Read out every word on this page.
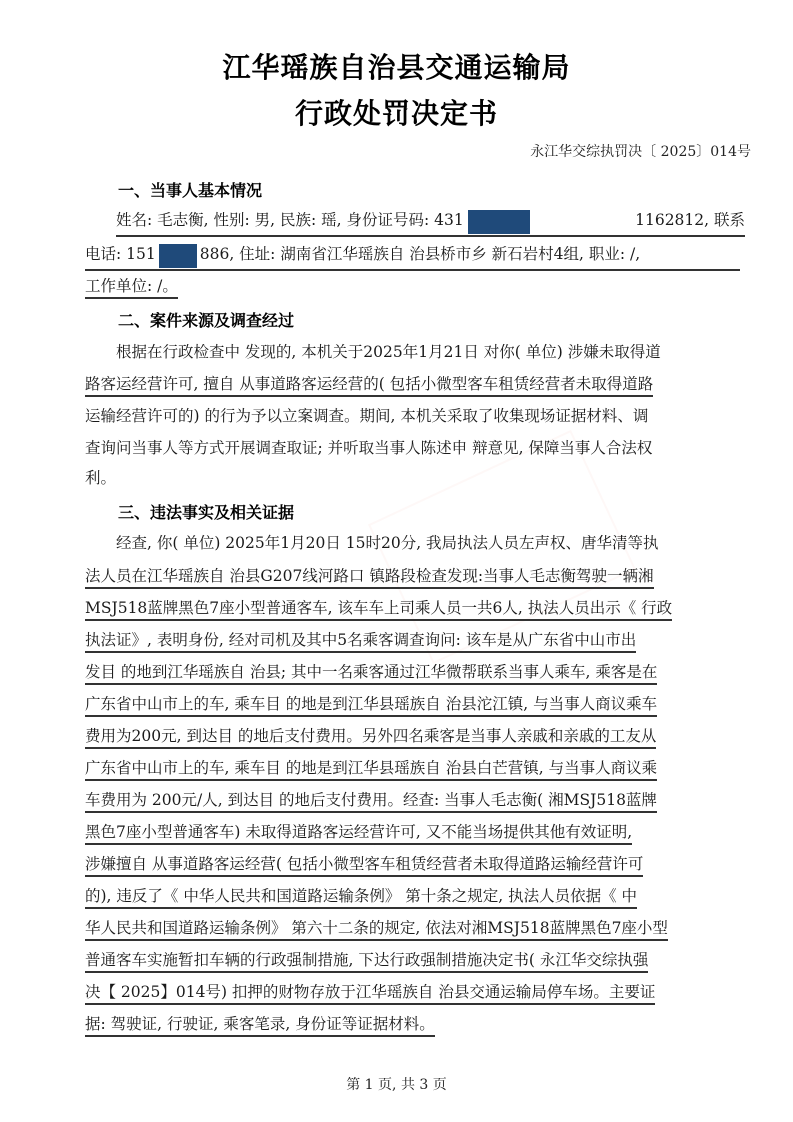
江华瑶族自治县交通运输局
行政处罚决定书
永江华交综执罚决〔 2025〕014号
一、当事人基本情况
姓名: 毛志衡, 性别: 男, 民族: 瑶, 身份证号码: 431	1162812, 联系
电话: 151	886, 住址: 湖南省江华瑶族自 治县桥市乡 新石岩村4组, 职业: /,
工作单位: /。
二、案件来源及调查经过
根据在行政检查中 发现的, 本机关于2025年1月21日 对你( 单位) 涉嫌未取得道
路客运经营许可, 擅自 从事道路客运经营的( 包括小微型客车租赁经营者未取得道路
运输经营许可的) 的行为予以立案调查。期间, 本机关采取了收集现场证据材料、调
查询问当事人等方式开展调查取证; 并听取当事人陈述申 辩意见, 保障当事人合法权
利。
三、违法事实及相关证据
经查, 你( 单位) 2025年1月20日 15时20分, 我局执法人员左声权、唐华清等执
法人员在江华瑶族自 治县G207线河路口 镇路段检查发现:当事人毛志衡驾驶一辆湘
MSJ518蓝牌黑色7座小型普通客车, 该车车上司乘人员一共6人, 执法人员出示《 行政
执法证》, 表明身份, 经对司机及其中5名乘客调查询问: 该车是从广东省中山市出
发目 的地到江华瑶族自 治县; 其中一名乘客通过江华微帮联系当事人乘车, 乘客是在
广东省中山市上的车, 乘车目 的地是到江华县瑶族自 治县沱江镇, 与当事人商议乘车
费用为200元, 到达目 的地后支付费用。另外四名乘客是当事人亲戚和亲戚的工友从
广东省中山市上的车, 乘车目 的地是到江华县瑶族自 治县白芒营镇, 与当事人商议乘
车费用为 200元/人, 到达目 的地后支付费用。经查: 当事人毛志衡( 湘MSJ518蓝牌
黑色7座小型普通客车) 未取得道路客运经营许可, 又不能当场提供其他有效证明,
涉嫌擅自 从事道路客运经营( 包括小微型客车租赁经营者未取得道路运输经营许可
的), 违反了《 中华人民共和国道路运输条例》 第十条之规定, 执法人员依据《 中
华人民共和国道路运输条例》 第六十二条的规定, 依法对湘MSJ518蓝牌黑色7座小型
普通客车实施暂扣车辆的行政强制措施, 下达行政强制措施决定书( 永江华交综执强
决【 2025】014号) 扣押的财物存放于江华瑶族自 治县交通运输局停车场。主要证
据: 驾驶证, 行驶证, 乘客笔录, 身份证等证据材料。
第 1 页, 共 3 页
